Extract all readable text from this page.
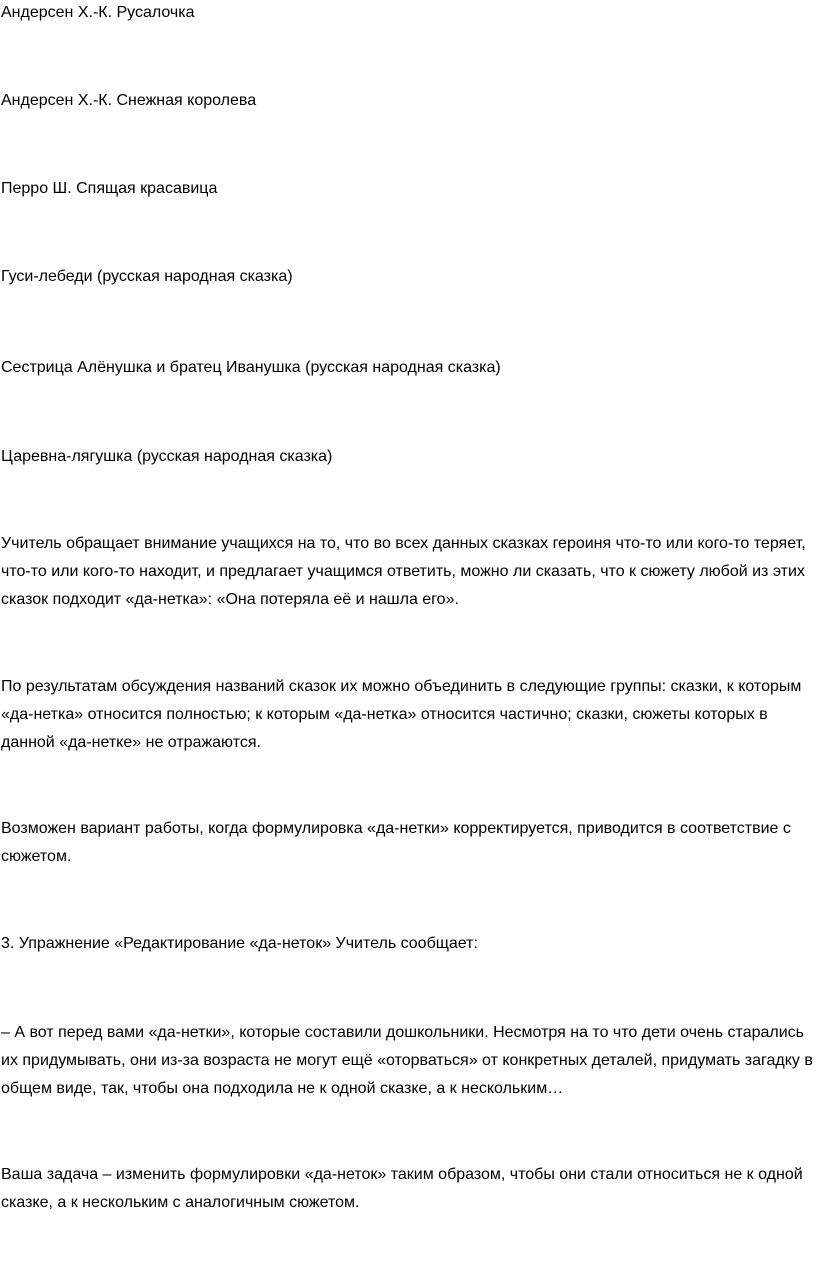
Андерсен Х.-К. Русалочка

Андерсен Х.-К. Снежная королева

Перро Ш. Спящая красавица

Гуси-лебеди (русская народная сказка)

Сестрица Алёнушка и братец Иванушка (русская народная сказка)

Царевна-лягушка (русская народная сказка)

Учитель обращает внимание учащихся на то, что во всех данных сказках героиня что-то или кого-то теряет, что-то или кого-то находит, и предлагает учащимся ответить, можно ли сказать, что к сюжету любой из этих сказок подходит «да-нетка»: «Она потеряла её и нашла его».

По результатам обсуждения названий сказок их можно объединить в следующие группы: сказки, к которым «да-нетка» относится полностью; к которым «да-нетка» относится частично; сказки, сюжеты которых в данной «да-нетке» не отражаются.

Возможен вариант работы, когда формулировка «да-нетки» корректируется, приводится в соответствие с сюжетом.

3. Упражнение «Редактирование «да-неток» Учитель сообщает:

– А вот перед вами «да-нетки», которые составили дошкольники. Несмотря на то что дети очень старались их придумывать, они из-за возраста не могут ещё «оторваться» от конкретных деталей, придумать загадку в общем виде, так, чтобы она подходила не к одной сказке, а к нескольким…

Ваша задача – изменить формулировки «да-неток» таким образом, чтобы они стали относиться не к одной сказке, а к нескольким с аналогичным сюжетом.
